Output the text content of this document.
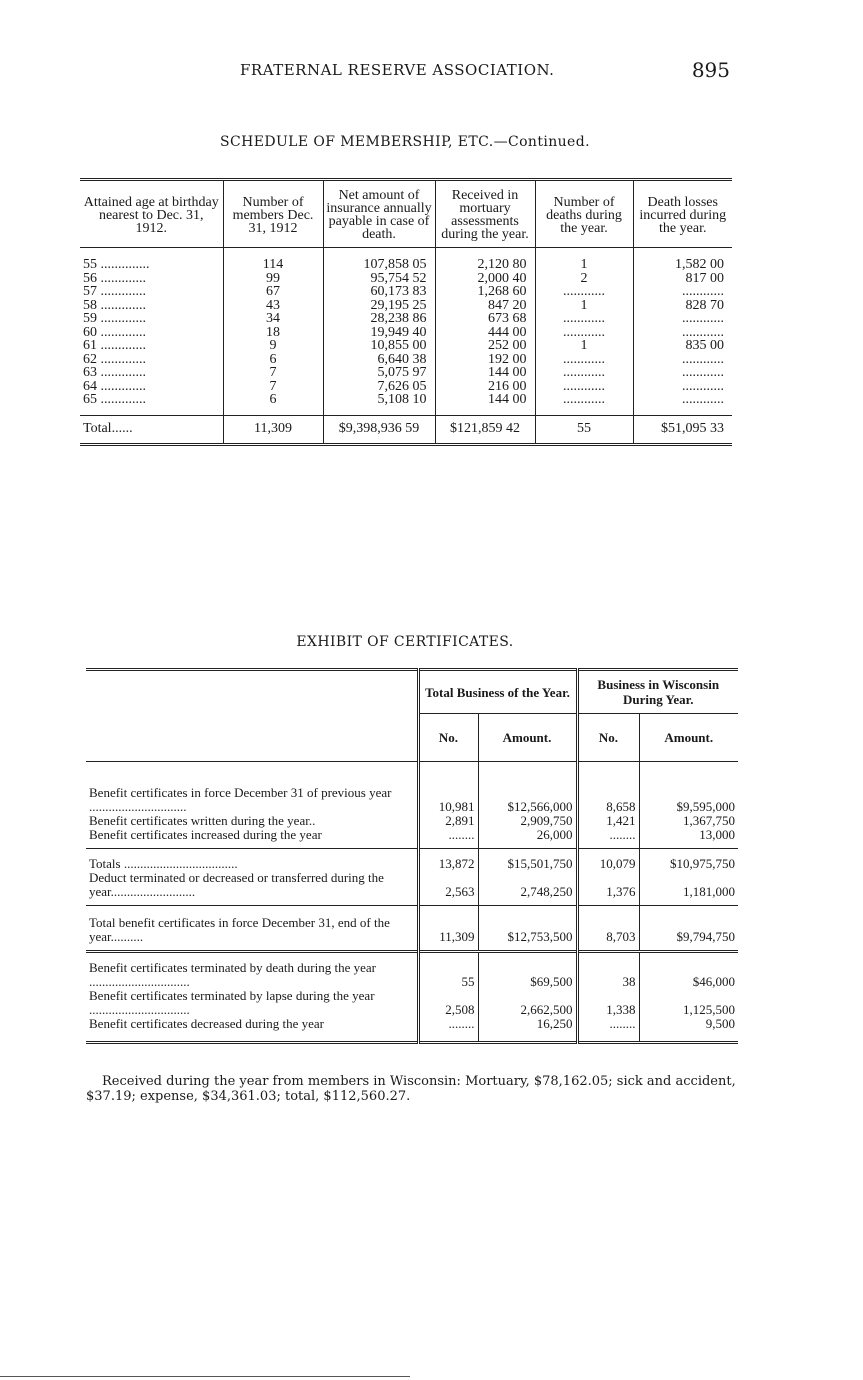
FRATERNAL RESERVE ASSOCIATION.	895
SCHEDULE OF MEMBERSHIP, ETC.—Continued.
Attained age at birthday nearest to Dec. 31, 1912.	Number of members Dec. 31, 1912	Net amount of insurance annually payable in case of death.	Received in mortuary assessments during the year.	Number of deaths during the year.	Death losses incurred during the year.
55 ..............	114	107,858 05	2,120 80	1	1,582 00
56 .............	99	95,754 52	2,000 40	2	817 00
57 .............	67	60,173 83	1,268 60	............	............
58 .............	43	29,195 25	847 20	1	828 70
59 .............	34	28,238 86	673 68	............	............
60 .............	18	19,949 40	444 00	............	............
61 .............	9	10,855 00	252 00	1	835 00
62 .............	6	6,640 38	192 00	............	............
63 .............	7	5,075 97	144 00	............	............
64 .............	7	7,626 05	216 00	............	............
65 .............	6	5,108 10	144 00	............	............
Total......	11,309	$9,398,936 59	$121,859 42	55	$51,095 33
EXHIBIT OF CERTIFICATES.
	Total Business of the Year.		Business in Wisconsin During Year.	
	No.	Amount.	No.	Amount.
Benefit certificates in force December 31 of previous year ..............................	10,981	$12,566,000	8,658	$9,595,000
Benefit certificates written during the year..	2,891	2,909,750	1,421	1,367,750
Benefit certificates increased during the year	........	26,000	........	13,000
Totals ...................................	13,872	$15,501,750	10,079	$10,975,750
Deduct terminated or decreased or transferred during the year..........................	2,563	2,748,250	1,376	1,181,000
Total benefit certificates in force December 31, end of the year..........	11,309	$12,753,500	8,703	$9,794,750
Benefit certificates terminated by death during the year ...............................	55	$69,500	38	$46,000
Benefit certificates terminated by lapse during the year ...............................	2,508	2,662,500	1,338	1,125,500
Benefit certificates decreased during the year	........	16,250	........	9,500

Received during the year from members in Wisconsin: Mortuary, $78,162.05; sick and accident, $37.19; expense, $34,361.03; total, $112,560.27.
